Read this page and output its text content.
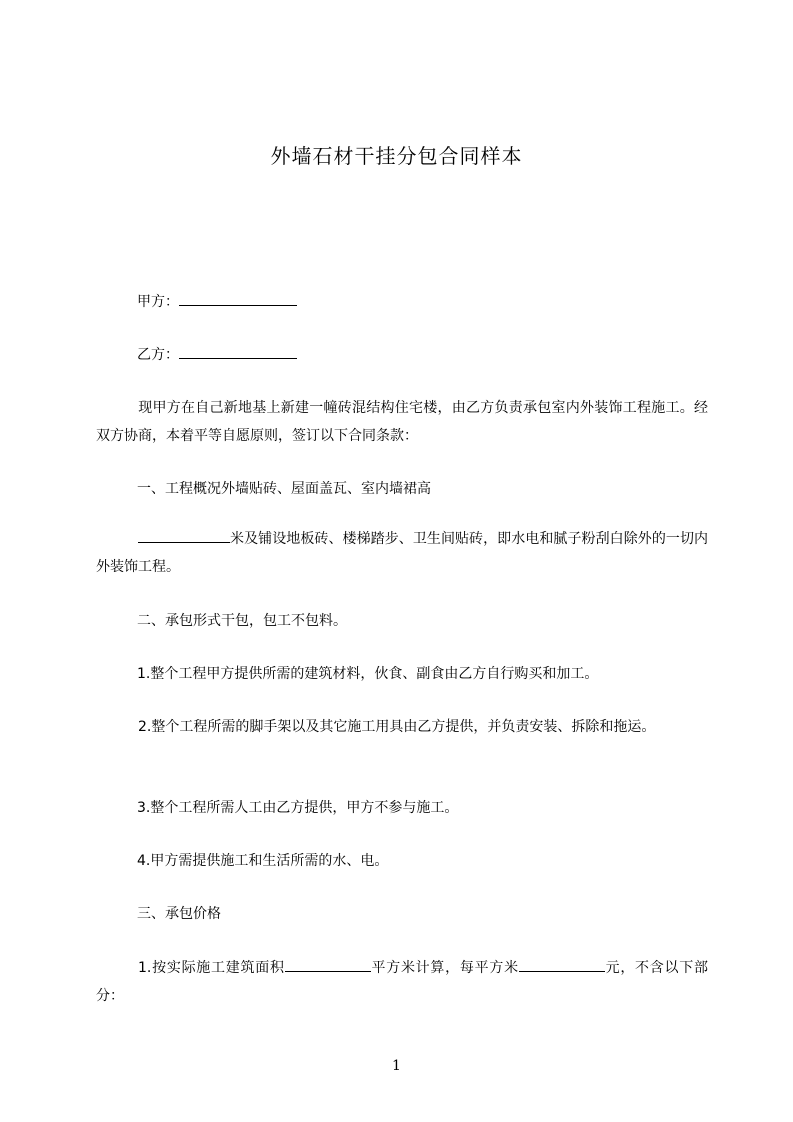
外墙石材干挂分包合同样本
甲方：
乙方：
现甲方在自己新地基上新建一幢砖混结构住宅楼，由乙方负责承包室内外装饰工程施工。经双方协商，本着平等自愿原则，签订以下合同条款：
一、工程概况外墙贴砖、屋面盖瓦、室内墙裙高
米及铺设地板砖、楼梯踏步、卫生间贴砖，即水电和腻子粉刮白除外的一切内外装饰工程。
二、承包形式干包，包工不包料。
1.整个工程甲方提供所需的建筑材料，伙食、副食由乙方自行购买和加工。
2.整个工程所需的脚手架以及其它施工用具由乙方提供，并负责安装、拆除和拖运。
3.整个工程所需人工由乙方提供，甲方不参与施工。
4.甲方需提供施工和生活所需的水、电。
三、承包价格
1.按实际施工建筑面积	平方米计算，每平方米	元，不含以下部分：
1
